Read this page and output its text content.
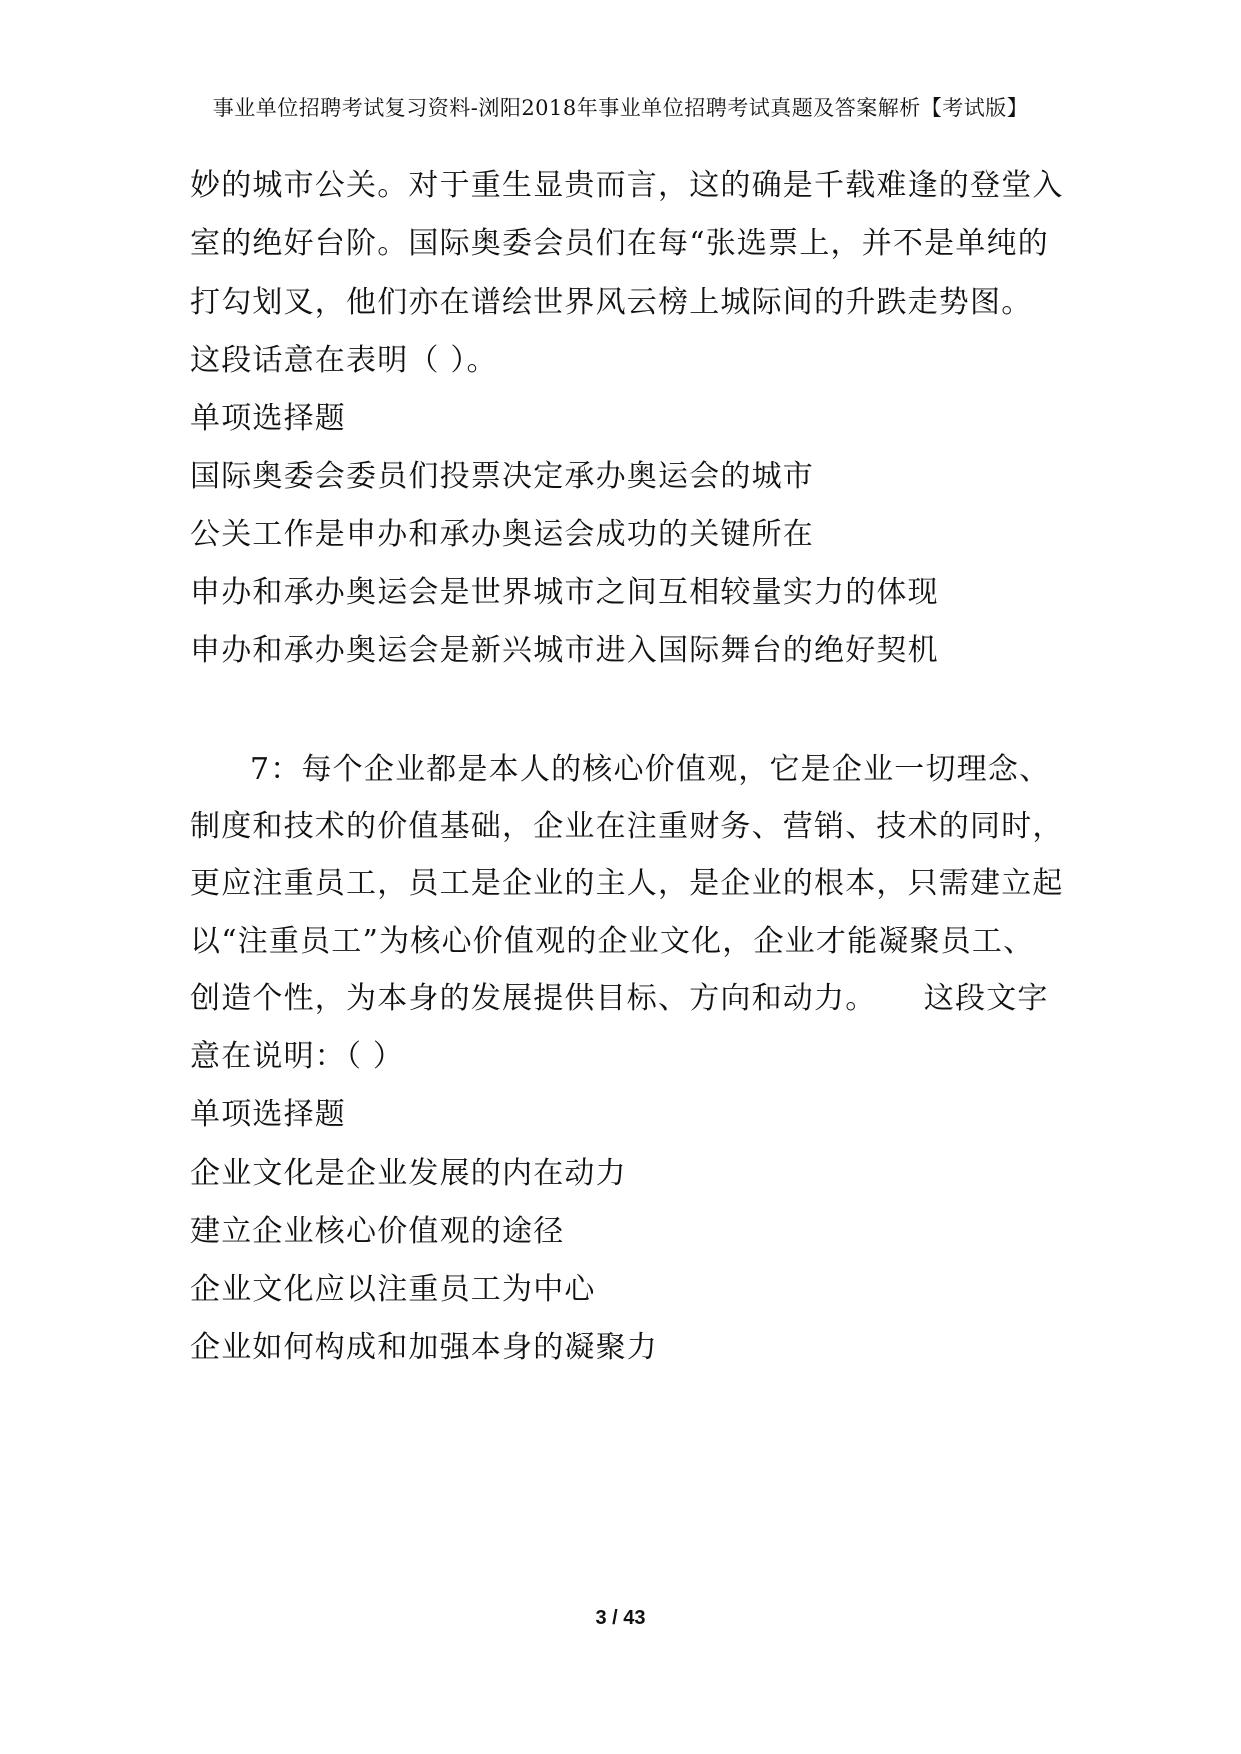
事业单位招聘考试复习资料-浏阳2018年事业单位招聘考试真题及答案解析【考试版】
妙的城市公关。对于重生显贵而言，这的确是千载难逢的登堂入
室的绝好台阶。国际奥委会员们在每“张选票上，并不是单纯的
打勾划叉，他们亦在谱绘世界风云榜上城际间的升跌走势图。
这段话意在表明（ ）。
单项选择题
国际奥委会委员们投票决定承办奥运会的城市
公关工作是申办和承办奥运会成功的关键所在
申办和承办奥运会是世界城市之间互相较量实力的体现
申办和承办奥运会是新兴城市进入国际舞台的绝好契机
7：每个企业都是本人的核心价值观，它是企业一切理念、
制度和技术的价值基础，企业在注重财务、营销、技术的同时，
更应注重员工，员工是企业的主人，是企业的根本，只需建立起
以“注重员工”为核心价值观的企业文化，企业才能凝聚员工、
创造个性，为本身的发展提供目标、方向和动力。　　这段文字
意在说明：（ ）
单项选择题
企业文化是企业发展的内在动力
建立企业核心价值观的途径
企业文化应以注重员工为中心
企业如何构成和加强本身的凝聚力
3 / 43
